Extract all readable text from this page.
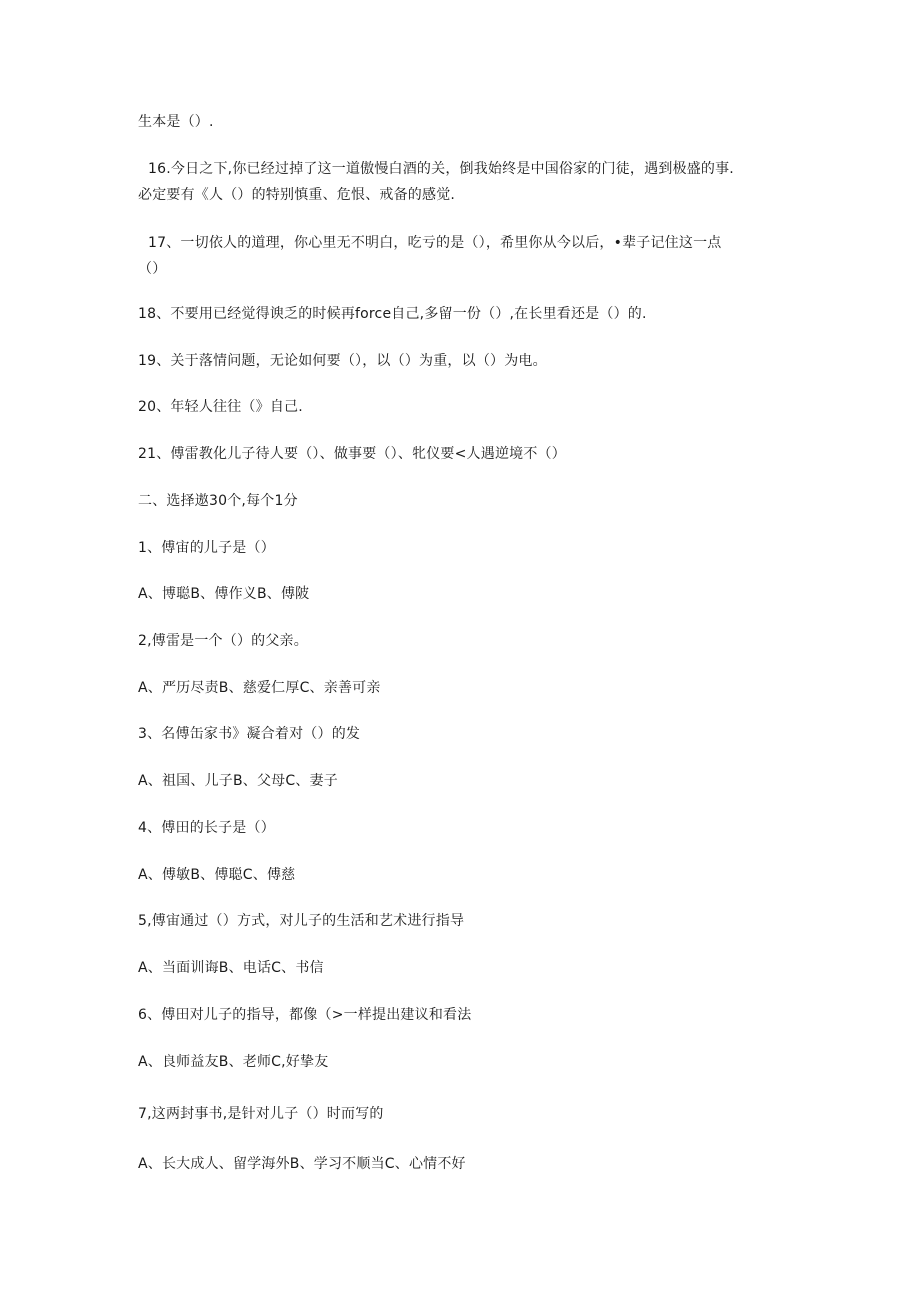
生本是（）.
16.今日之下,你已经过掉了这一道傲慢白酒的关，倒我始终是中国俗家的门徒，遇到极盛的事.
必定要有《人（）的特别慎重、危恨、戒备的感觉.
17、一切依人的道理，你心里无不明白，吃亏的是（），希里你从今以后，•辈子记住这一点
（）
18、不要用已经觉得谀乏的时候再force自己,多留一份（）,在长里看还是（）的.
19、关于落情问题，无论如何要（），以（）为重，以（）为电。
20、年轻人往往（》自己.
21、傅雷教化儿子待人要（）、做事要（）、牝仪要<人遇逆境不（）
二、选择遨30个,每个1分
1、傅宙的儿子是（）
A、博聪B、傅作义B、傅陂
2,傅雷是一个（）的父亲。
A、严历尽责B、慈爱仁厚C、亲善可亲
3、名傅缶家书》凝合着对（）的发
A、祖国、儿子B、父母C、妻子
4、傅田的长子是（）
A、傅敏B、傅聪C、傅慈
5,傅宙通过（）方式，对儿子的生活和艺术进行指导
A、当面训诲B、电话C、书信
6、傅田对儿子的指导，都像（>一样提出建议和看法
A、良师益友B、老师C,好挚友
7,这两封事书,是针对儿子（）时而写的
A、长大成人、留学海外B、学习不顺当C、心情不好
